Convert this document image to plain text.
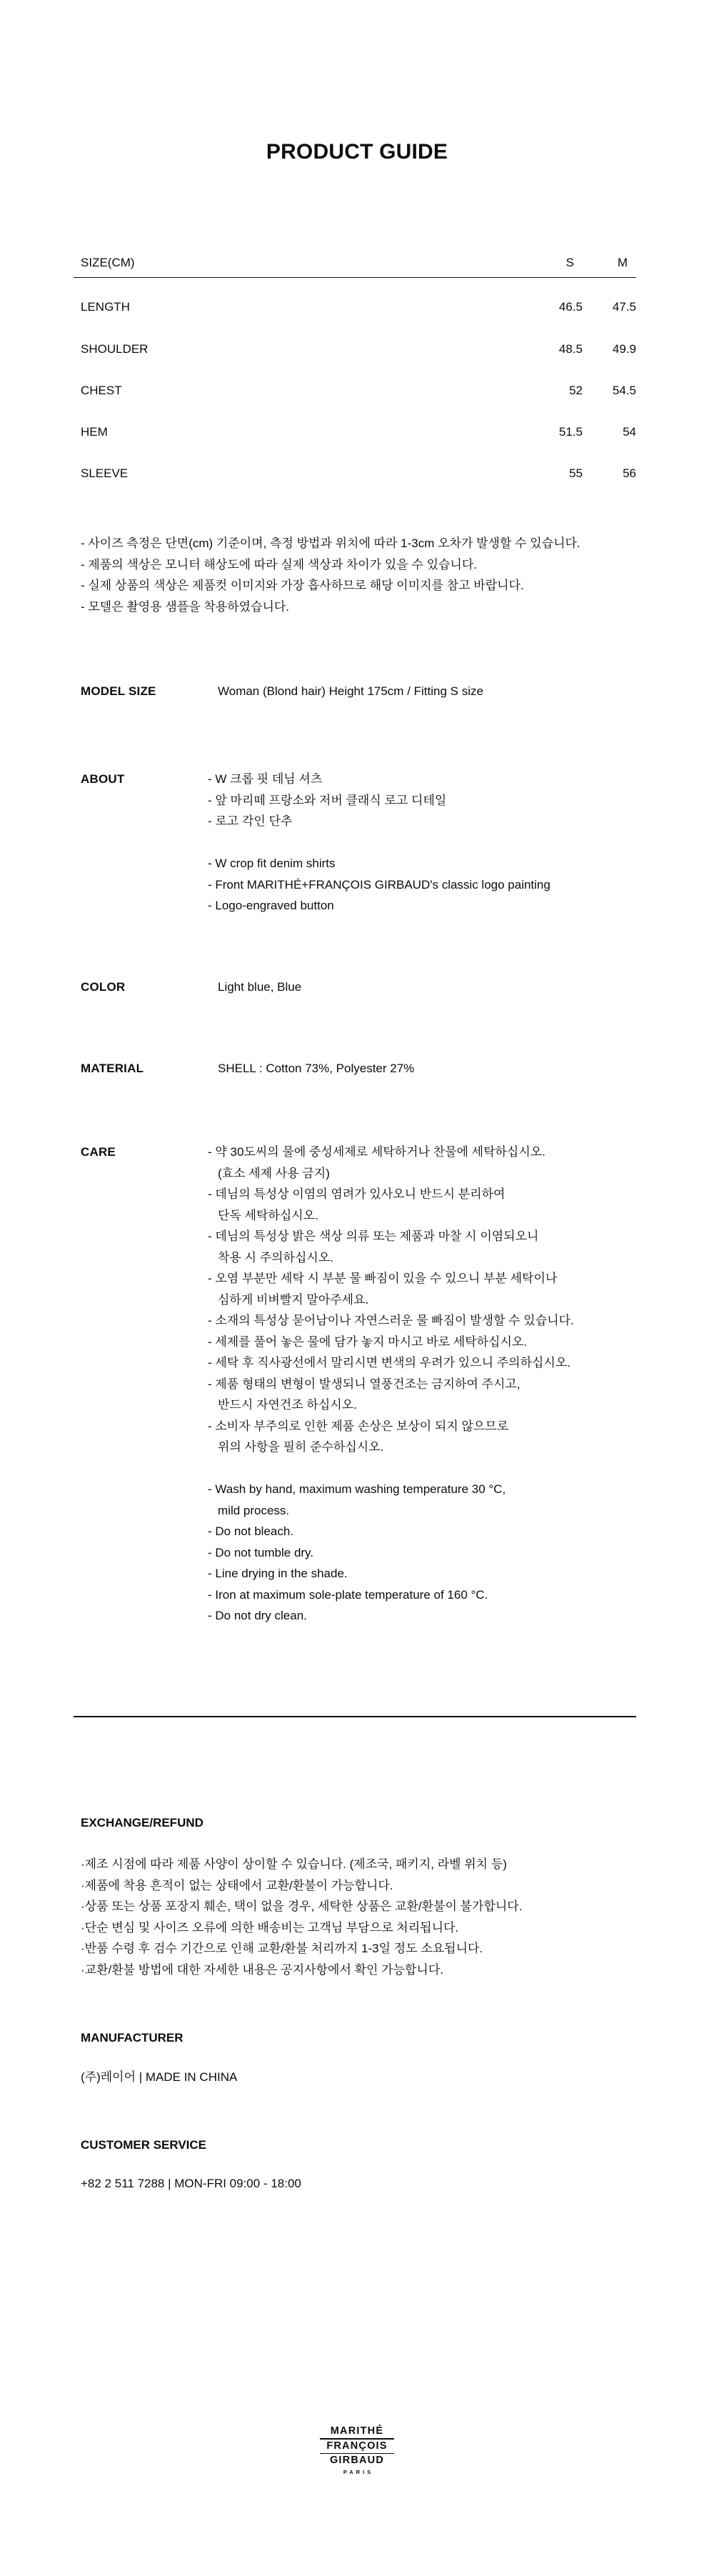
PRODUCT GUIDE
SIZE(CM)	S	M
LENGTH	46.5	47.5
SHOULDER	48.5	49.9
CHEST	52	54.5
HEM	51.5	54
SLEEVE	55	56
- 사이즈 측정은 단면(cm) 기준이며, 측정 방법과 위치에 따라 1-3cm 오차가 발생할 수 있습니다.
- 제품의 색상은 모니터 해상도에 따라 실제 색상과 차이가 있을 수 있습니다.
- 실제 상품의 색상은 제품컷 이미지와 가장 흡사하므로 해당 이미지를 참고 바랍니다.
- 모델은 촬영용 샘플을 착용하였습니다.
MODEL SIZE	Woman (Blond hair) Height 175cm / Fitting S size
ABOUT	- W 크롭 핏 데님 셔츠
- 앞 마리떼 프랑소와 저버 클래식 로고 디테일
- 로고 각인 단추
- W crop fit denim shirts
- Front MARITHÉ+FRANÇOIS GIRBAUD's classic logo painting
- Logo-engraved button
COLOR	Light blue, Blue
MATERIAL	SHELL : Cotton 73%, Polyester 27%
CARE	- 약 30도씨의 물에 중성세제로 세탁하거나 찬물에 세탁하십시오.
(효소 세제 사용 금지)
- 데님의 특성상 이염의 염려가 있사오니 반드시 분리하여
단독 세탁하십시오.
- 데님의 특성상 밝은 색상 의류 또는 제품과 마찰 시 이염되오니
착용 시 주의하십시오.
- 오염 부분만 세탁 시 부분 물 빠짐이 있을 수 있으니 부분 세탁이나
심하게 비벼빨지 말아주세요.
- 소재의 특성상 묻어남이나 자연스러운 물 빠짐이 발생할 수 있습니다.
- 세제를 풀어 놓은 물에 담가 놓지 마시고 바로 세탁하십시오.
- 세탁 후 직사광선에서 말리시면 변색의 우려가 있으니 주의하십시오.
- 제품 형태의 변형이 발생되니 열풍건조는 금지하여 주시고,
반드시 자연건조 하십시오.
- 소비자 부주의로 인한 제품 손상은 보상이 되지 않으므로
위의 사항을 필히 준수하십시오.
- Wash by hand, maximum washing temperature 30 °C,
mild process.
- Do not bleach.
- Do not tumble dry.
- Line drying in the shade.
- Iron at maximum sole-plate temperature of 160 °C.
- Do not dry clean.
EXCHANGE/REFUND
·제조 시점에 따라 제품 사양이 상이할 수 있습니다. (제조국, 패키지, 라벨 위치 등)
·제품에 착용 흔적이 없는 상태에서 교환/환불이 가능합니다.
·상품 또는 상품 포장지 훼손, 택이 없을 경우, 세탁한 상품은 교환/환불이 불가합니다.
·단순 변심 및 사이즈 오류에 의한 배송비는 고객님 부담으로 처리됩니다.
·반품 수령 후 검수 기간으로 인해 교환/환불 처리까지 1-3일 정도 소요됩니다.
·교환/환불 방법에 대한 자세한 내용은 공지사항에서 확인 가능합니다.
MANUFACTURER
(주)레이어 | MADE IN CHINA
CUSTOMER SERVICE
+82 2 511 7288 | MON-FRI 09:00 - 18:00
MARITHÉ
FRANÇOIS
GIRBAUD
PARIS
